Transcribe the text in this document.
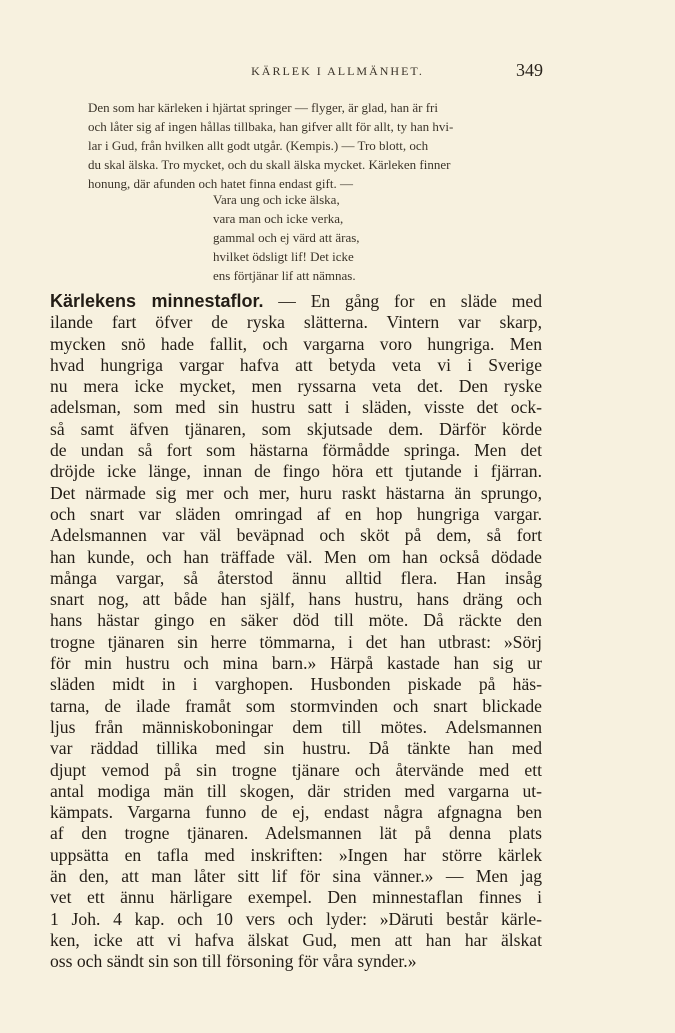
KÄRLEK I ALLMÄNHET.	349

Den som har kärleken i hjärtat springer — flyger, är glad, han är fri

och låter sig af ingen hållas tillbaka, han gifver allt för allt, ty han hvi-

lar i Gud, från hvilken allt godt utgår. (Kempis.) — Tro blott, och

du skal älska. Tro mycket, och du skall älska mycket. Kärleken finner

honung, där afunden och hatet finna endast gift. —

Vara ung och icke älska,
vara man och icke verka,
gammal och ej värd att äras,
hvilket ödsligt lif! Det icke
ens förtjänar lif att nämnas.
Kärlekens minnestaflor. — En gång for en släde med
ilande fart öfver de ryska slätterna. Vintern var skarp,
mycken snö hade fallit, och vargarna voro hungriga. Men
hvad hungriga vargar hafva att betyda veta vi i Sverige
nu mera icke mycket, men ryssarna veta det. Den ryske
adelsman, som med sin hustru satt i släden, visste det ock-
så samt äfven tjänaren, som skjutsade dem. Därför körde
de undan så fort som hästarna förmådde springa. Men det
dröjde icke länge, innan de fingo höra ett tjutande i fjärran.
Det närmade sig mer och mer, huru raskt hästarna än sprungo,
och snart var släden omringad af en hop hungriga vargar.
Adelsmannen var väl beväpnad och sköt på dem, så fort
han kunde, och han träffade väl. Men om han också dödade
många vargar, så återstod ännu alltid flera. Han insåg
snart nog, att både han själf, hans hustru, hans dräng och
hans hästar gingo en säker död till möte. Då räckte den
trogne tjänaren sin herre tömmarna, i det han utbrast: »Sörj
för min hustru och mina barn.» Härpå kastade han sig ur
släden midt in i varghopen. Husbonden piskade på häs-
tarna, de ilade framåt som stormvinden och snart blickade
ljus från människoboningar dem till mötes. Adelsmannen
var räddad tillika med sin hustru. Då tänkte han med
djupt vemod på sin trogne tjänare och återvände med ett
antal modiga män till skogen, där striden med vargarna ut-
kämpats. Vargarna funno de ej, endast några afgnagna ben
af den trogne tjänaren. Adelsmannen lät på denna plats
uppsätta en tafla med inskriften: »Ingen har större kärlek
än den, att man låter sitt lif för sina vänner.» — Men jag
vet ett ännu härligare exempel. Den minnestaflan finnes i
1 Joh. 4 kap. och 10 vers och lyder: »Däruti består kärle-
ken, icke att vi hafva älskat Gud, men att han har älskat
oss och sändt sin son till försoning för våra synder.»
